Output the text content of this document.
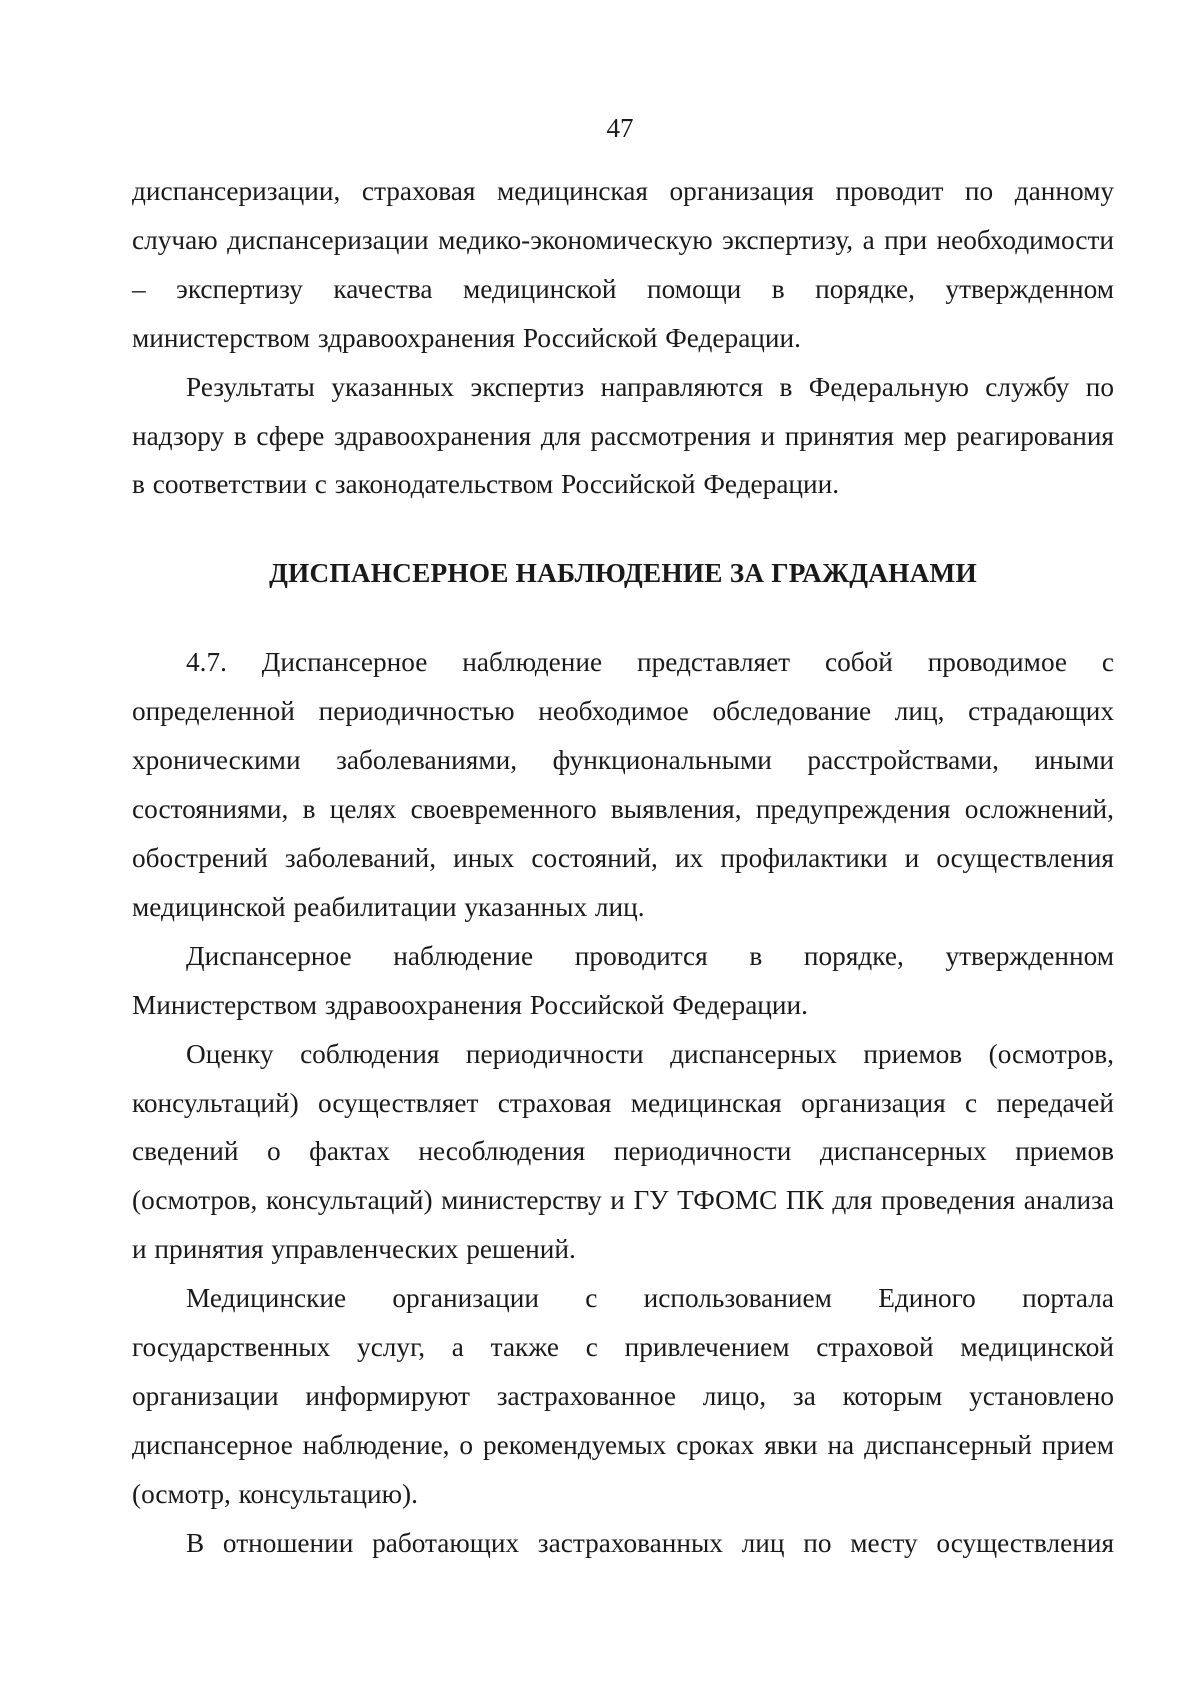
47

диспансеризации, страховая медицинская организация проводит по данному случаю диспансеризации медико-экономическую экспертизу, а при необходимости – экспертизу качества медицинской помощи в порядке, утвержденном министерством здравоохранения Российской Федерации.

Результаты указанных экспертиз направляются в Федеральную службу по надзору в сфере здравоохранения для рассмотрения и принятия мер реагирования в соответствии с законодательством Российской Федерации.

ДИСПАНСЕРНОЕ НАБЛЮДЕНИЕ ЗА ГРАЖДАНАМИ

4.7. Диспансерное наблюдение представляет собой проводимое с определенной периодичностью необходимое обследование лиц, страдающих хроническими заболеваниями, функциональными расстройствами, иными состояниями, в целях своевременного выявления, предупреждения осложнений, обострений заболеваний, иных состояний, их профилактики и осуществления медицинской реабилитации указанных лиц.

Диспансерное наблюдение проводится в порядке, утвержденном Министерством здравоохранения Российской Федерации.

Оценку соблюдения периодичности диспансерных приемов (осмотров, консультаций) осуществляет страховая медицинская организация с передачей сведений о фактах несоблюдения периодичности диспансерных приемов (осмотров, консультаций) министерству и ГУ ТФОМС ПК для проведения анализа и принятия управленческих решений.

Медицинские организации с использованием Единого портала государственных услуг, а также с привлечением страховой медицинской организации информируют застрахованное лицо, за которым установлено диспансерное наблюдение, о рекомендуемых сроках явки на диспансерный прием (осмотр, консультацию).

В отношении работающих застрахованных лиц по месту осуществления
